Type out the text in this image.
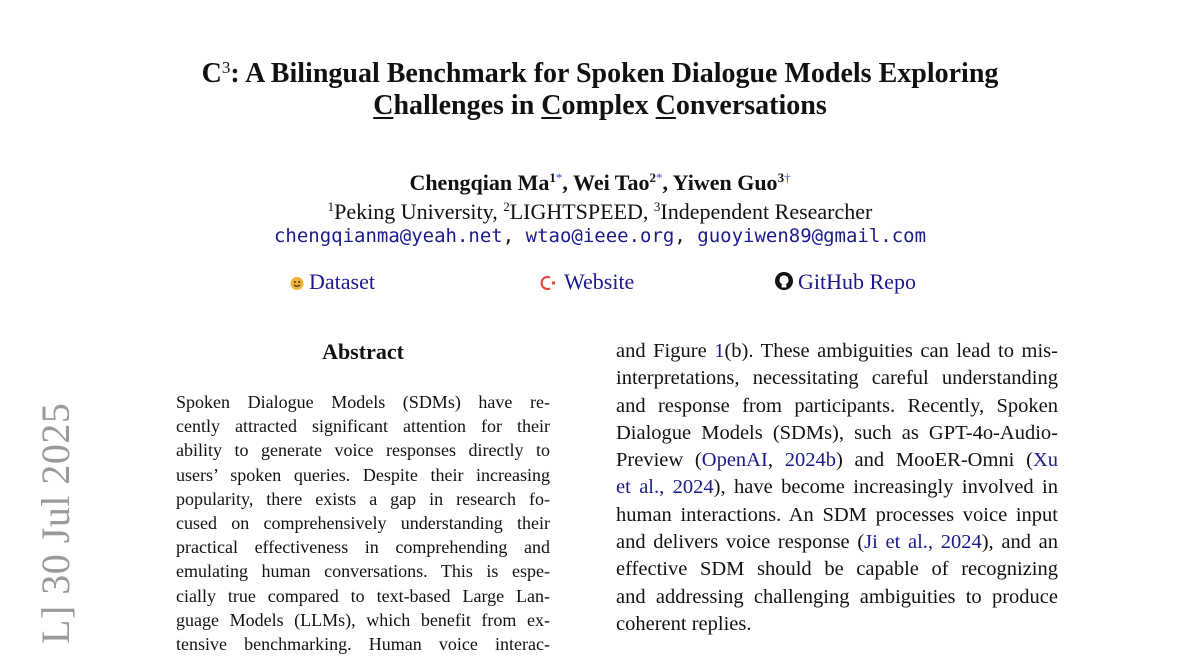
L] 30 Jul 2025
$C^3$: A Bilingual Benchmark for Spoken Dialogue Models Exploring
Challenges in Complex Conversations
Chengqian $Ma^{1*}$, Wei Tao$^{2*}$, Yiwen Guo$^{3\dagger}$
$^1$Peking University, $^2$LIGHTSPEED, $^3$Independent Researcher
chengqianma@yeah.net, wtao@ieee.org, guoyiwen89@gmail.com
Dataset	Website	GitHub Repo
Abstract
Spoken Dialogue Models (SDMs) have re-
cently attracted significant attention for their
ability to generate voice responses directly to
users’ spoken queries. Despite their increasing
popularity, there exists a gap in research fo-
cused on comprehensively understanding their
practical effectiveness in comprehending and
emulating human conversations. This is espe-
cially true compared to text-based Large Lan-
guage Models (LLMs), which benefit from ex-
tensive benchmarking. Human voice interac-
and Figure 1(b). These ambiguities can lead to mis-
interpretations, necessitating careful understanding
and response from participants. Recently, Spoken
Dialogue Models (SDMs), such as GPT-4o-Audio-
Preview (OpenAI, 2024b) and MooER-Omni (Xu
et al., 2024), have become increasingly involved in
human interactions. An SDM processes voice input
and delivers voice response (Ji et al., 2024), and an
effective SDM should be capable of recognizing
and addressing challenging ambiguities to produce
coherent replies.
